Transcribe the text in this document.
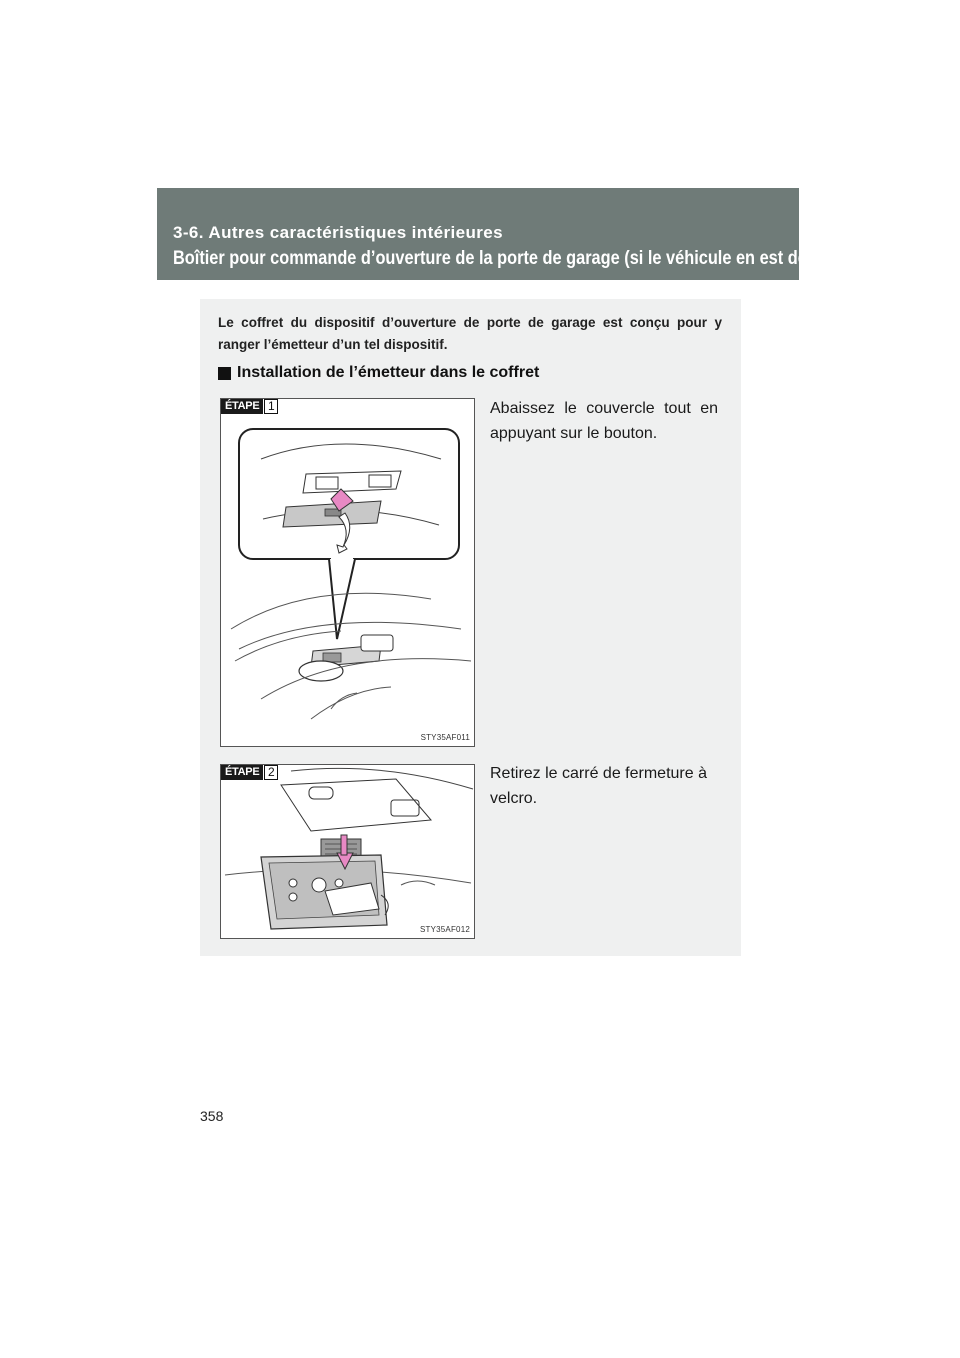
3-6. Autres caractéristiques intérieures
Boîtier pour commande d’ouverture de la porte de garage (si le véhicule en est doté)
Le coffret du dispositif d’ouverture de porte de garage est conçu pour y ranger l’émetteur d’un tel dispositif.
Installation de l’émetteur dans le coffret
ÉTAPE 1
STY35AF011
Abaissez le couvercle tout en appuyant sur le bouton.
ÉTAPE 2
STY35AF012
Retirez le carré de fermeture à velcro.
358
